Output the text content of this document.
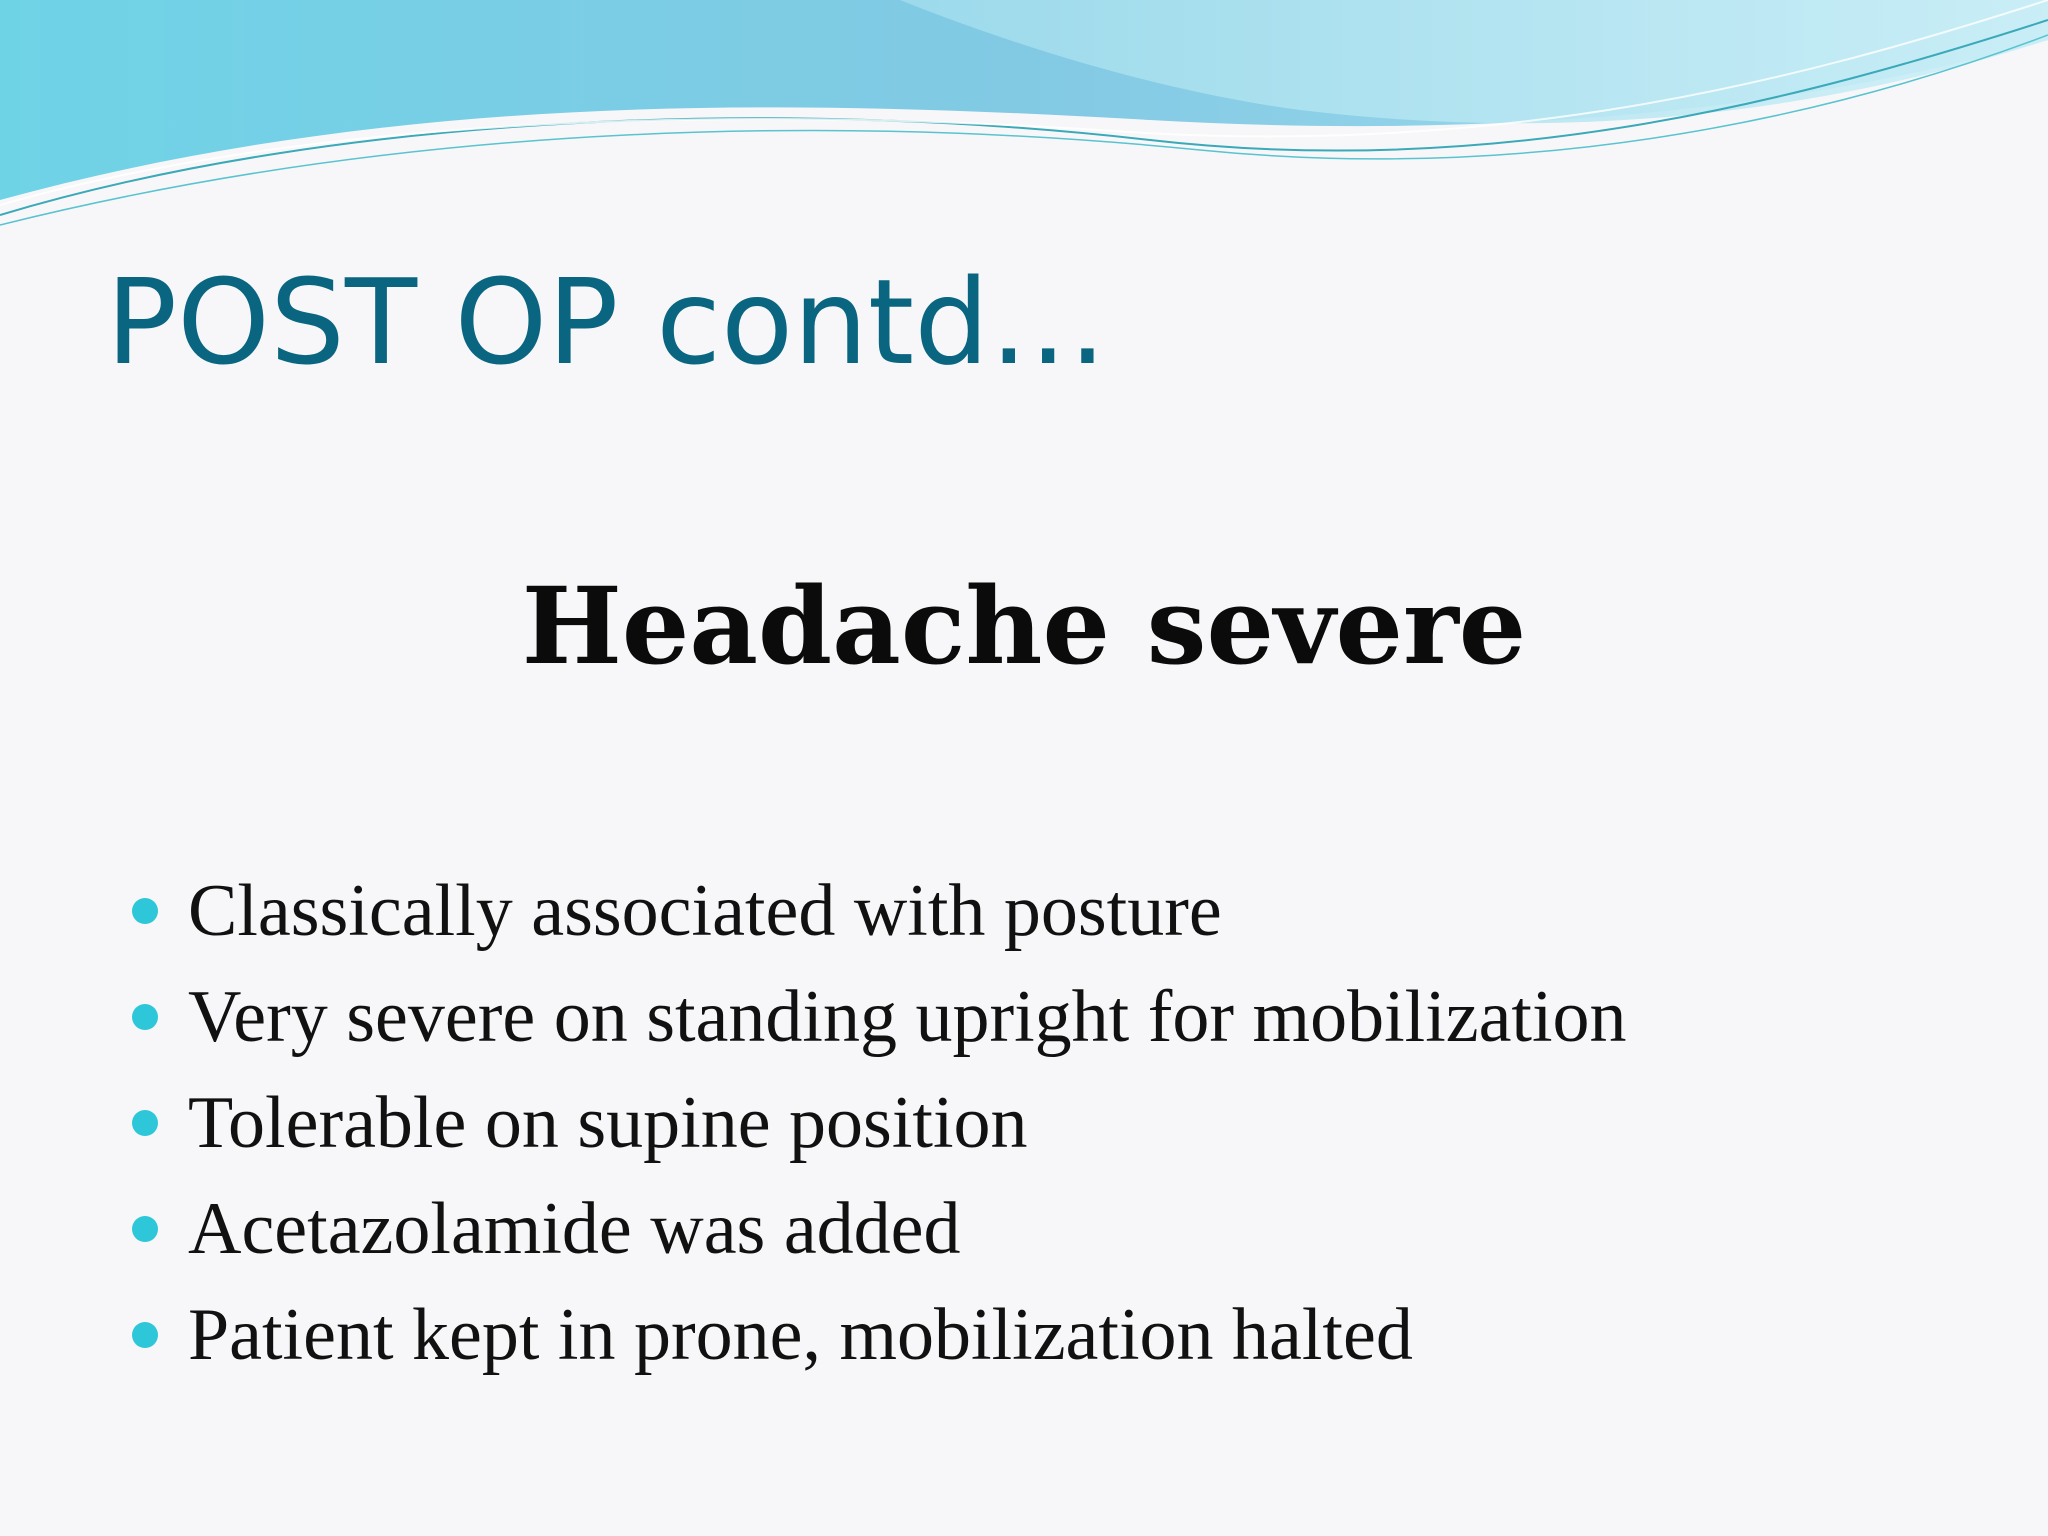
POST OP contd…
Headache severe
Classically associated with posture
Very severe on standing upright for mobilization
Tolerable on supine position
Acetazolamide was added
Patient kept in prone, mobilization halted
